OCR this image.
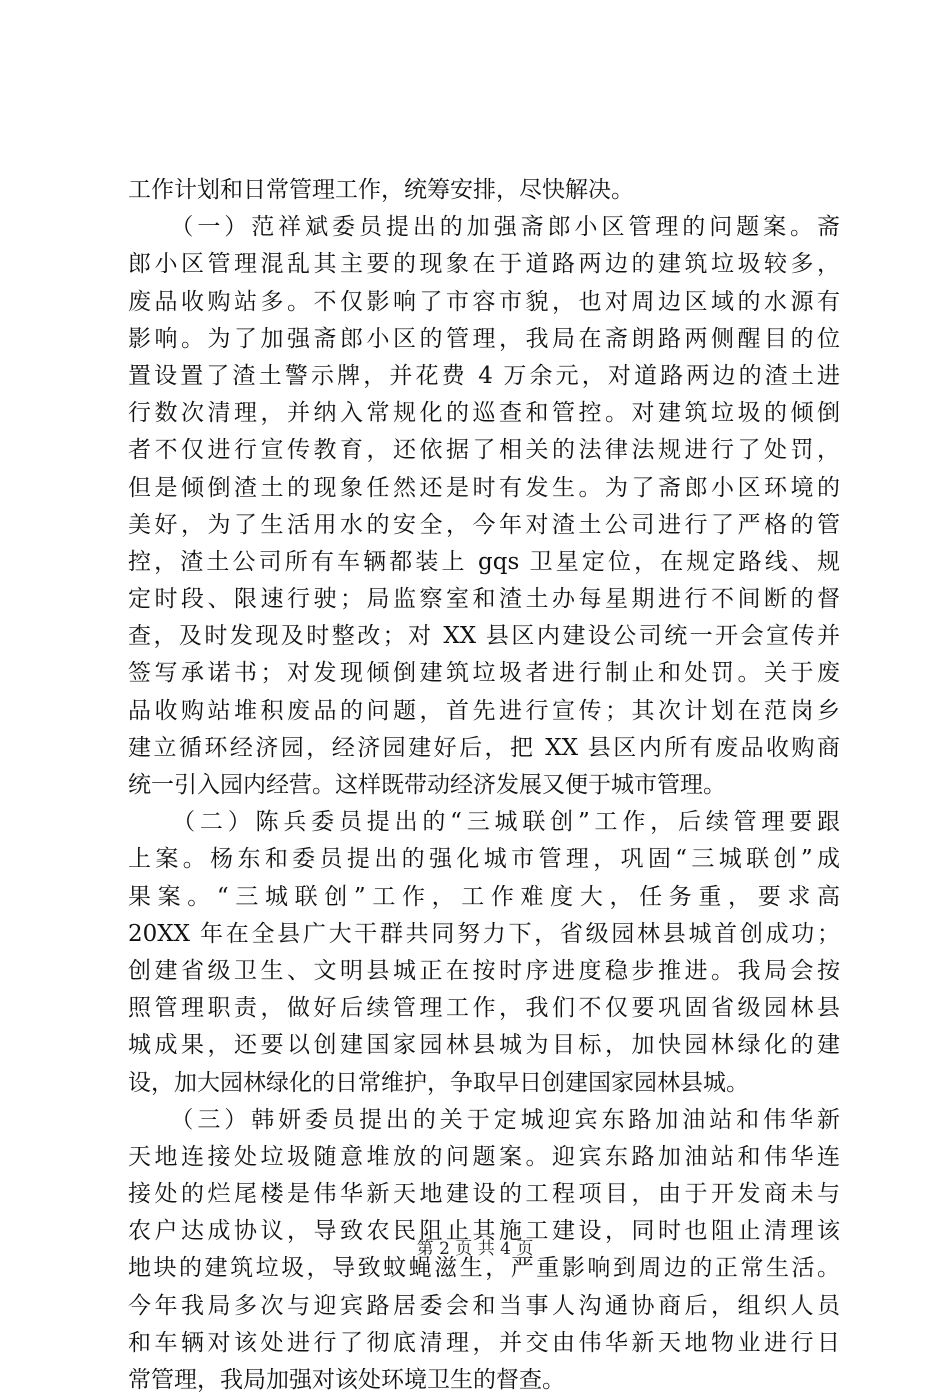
工作计划和日常管理工作，统筹安排，尽快解决。
　　（一）范祥斌委员提出的加强斋郎小区管理的问题案。斋
郎小区管理混乱其主要的现象在于道路两边的建筑垃圾较多，
废品收购站多。不仅影响了市容市貌，也对周边区域的水源有
影响。为了加强斋郎小区的管理，我局在斋朗路两侧醒目的位
置设置了渣土警示牌，并花费 4 万余元，对道路两边的渣土进
行数次清理，并纳入常规化的巡查和管控。对建筑垃圾的倾倒
者不仅进行宣传教育，还依据了相关的法律法规进行了处罚，
但是倾倒渣土的现象任然还是时有发生。为了斋郎小区环境的
美好，为了生活用水的安全，今年对渣土公司进行了严格的管
控，渣土公司所有车辆都装上 gqs 卫星定位，在规定路线、规
定时段、限速行驶；局监察室和渣土办每星期进行不间断的督
查，及时发现及时整改；对 XX 县区内建设公司统一开会宣传并
签写承诺书；对发现倾倒建筑垃圾者进行制止和处罚。关于废
品收购站堆积废品的问题，首先进行宣传；其次计划在范岗乡
建立循环经济园，经济园建好后，把 XX 县区内所有废品收购商
统一引入园内经营。这样既带动经济发展又便于城市管理。
　　（二）陈兵委员提出的“三城联创”工作，后续管理要跟
上案。杨东和委员提出的强化城市管理，巩固“三城联创”成
果案。“三城联创”工作，工作难度大，任务重，要求高
20XX 年在全县广大干群共同努力下，省级园林县城首创成功；
创建省级卫生、文明县城正在按时序进度稳步推进。我局会按
照管理职责，做好后续管理工作，我们不仅要巩固省级园林县
城成果，还要以创建国家园林县城为目标，加快园林绿化的建
设，加大园林绿化的日常维护，争取早日创建国家园林县城。
　　（三）韩妍委员提出的关于定城迎宾东路加油站和伟华新
天地连接处垃圾随意堆放的问题案。迎宾东路加油站和伟华连
接处的烂尾楼是伟华新天地建设的工程项目，由于开发商未与
农户达成协议，导致农民阻止其施工建设，同时也阻止清理该
地块的建筑垃圾，导致蚊蝇滋生，严重影响到周边的正常生活。
今年我局多次与迎宾路居委会和当事人沟通协商后，组织人员
和车辆对该处进行了彻底清理，并交由伟华新天地物业进行日
常管理，我局加强对该处环境卫生的督查。
第 2 页 共 4 页
